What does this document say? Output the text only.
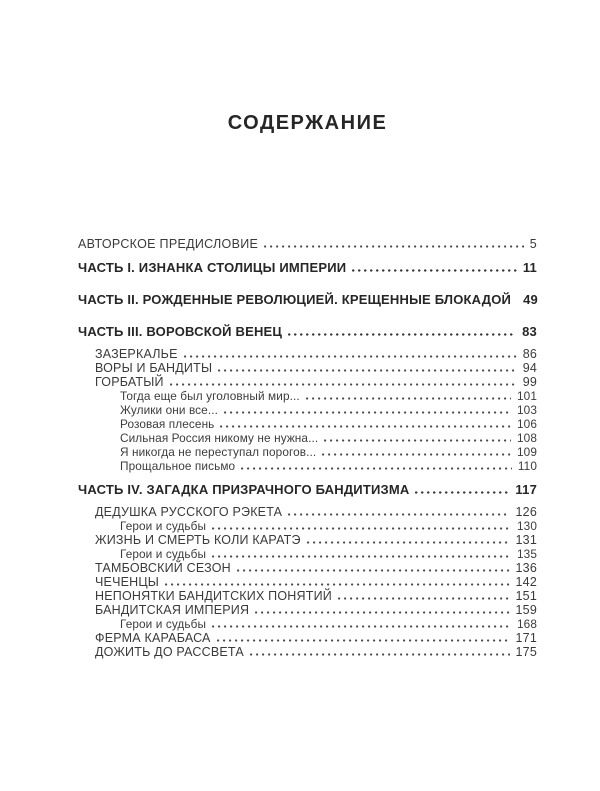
СОДЕРЖАНИЕ
АВТОРСКОЕ ПРЕДИСЛОВИЕ	5
ЧАСТЬ I. ИЗНАНКА СТОЛИЦЫ ИМПЕРИИ	11
ЧАСТЬ II. РОЖДЕННЫЕ РЕВОЛЮЦИЕЙ. КРЕЩЕННЫЕ БЛОКАДОЙ 49
ЧАСТЬ III. ВОРОВСКОЙ ВЕНЕЦ	83
ЗАЗЕРКАЛЬЕ	86
ВОРЫ И БАНДИТЫ	94
ГОРБАТЫЙ	99
Тогда еще был уголовный мир...	101
Жулики они все...	103
Розовая плесень	106
Сильная Россия никому не нужна...	108
Я никогда не переступал порогов...	109
Прощальное письмо	110
ЧАСТЬ IV. ЗАГАДКА ПРИЗРАЧНОГО БАНДИТИЗМА	117
ДЕДУШКА РУССКОГО РЭКЕТА	126
Герои и судьбы	130
ЖИЗНЬ И СМЕРТЬ КОЛИ КАРАТЭ	131
Герои и судьбы	135
ТАМБОВСКИЙ СЕЗОН	136
ЧЕЧЕНЦЫ	142
НЕПОНЯТКИ БАНДИТСКИХ ПОНЯТИЙ	151
БАНДИТСКАЯ ИМПЕРИЯ	159
Герои и судьбы	168
ФЕРМА КАРАБАСА	171
ДОЖИТЬ ДО РАССВЕТА	175
